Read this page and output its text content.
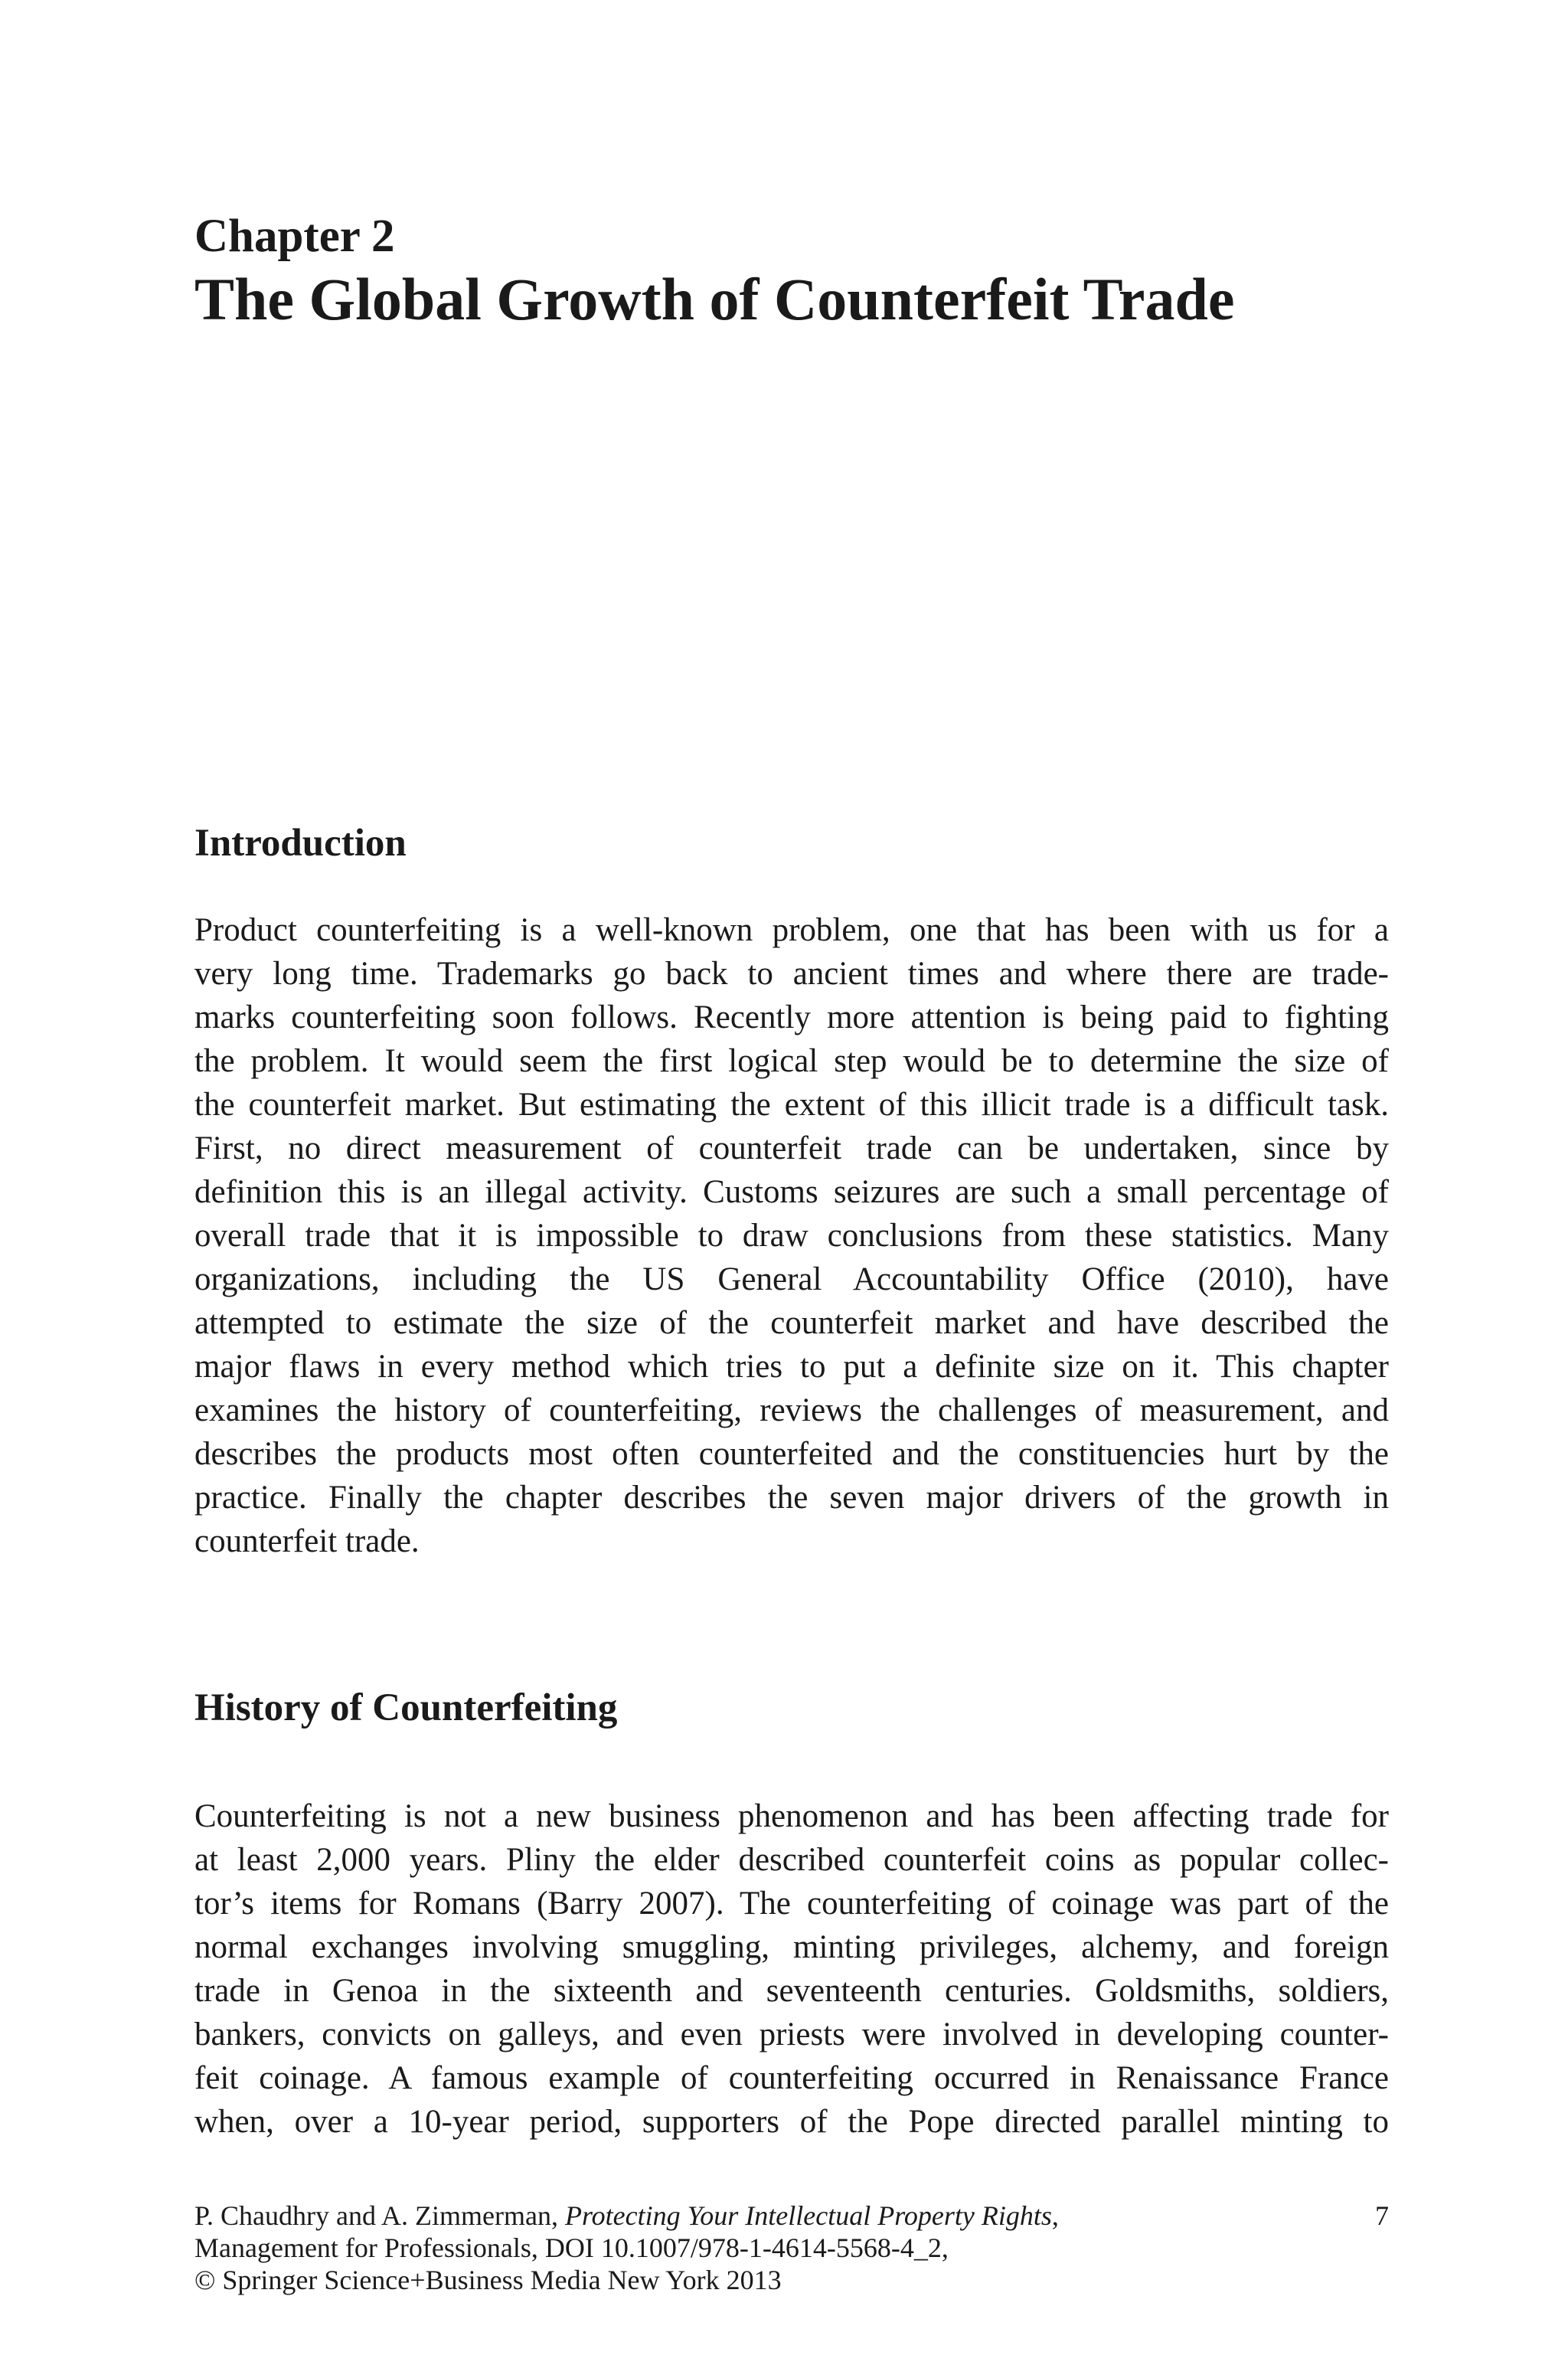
Chapter 2
The Global Growth of Counterfeit Trade
Introduction
Product counterfeiting is a well-known problem, one that has been with us for a
very long time. Trademarks go back to ancient times and where there are trade-
marks counterfeiting soon follows. Recently more attention is being paid to fighting
the problem. It would seem the first logical step would be to determine the size of
the counterfeit market. But estimating the extent of this illicit trade is a difficult task.
First, no direct measurement of counterfeit trade can be undertaken, since by
definition this is an illegal activity. Customs seizures are such a small percentage of
overall trade that it is impossible to draw conclusions from these statistics. Many
organizations, including the US General Accountability Office (2010), have
attempted to estimate the size of the counterfeit market and have described the
major flaws in every method which tries to put a definite size on it. This chapter
examines the history of counterfeiting, reviews the challenges of measurement, and
describes the products most often counterfeited and the constituencies hurt by the
practice. Finally the chapter describes the seven major drivers of the growth in
counterfeit trade.
History of Counterfeiting
Counterfeiting is not a new business phenomenon and has been affecting trade for
at least 2,000 years. Pliny the elder described counterfeit coins as popular collec-
tor’s items for Romans (Barry 2007). The counterfeiting of coinage was part of the
normal exchanges involving smuggling, minting privileges, alchemy, and foreign
trade in Genoa in the sixteenth and seventeenth centuries. Goldsmiths, soldiers,
bankers, convicts on galleys, and even priests were involved in developing counter-
feit coinage. A famous example of counterfeiting occurred in Renaissance France
when, over a 10-year period, supporters of the Pope directed parallel minting to
P. Chaudhry and A. Zimmerman, Protecting Your Intellectual Property Rights,
Management for Professionals, DOI 10.1007/978-1-4614-5568-4_2,
© Springer Science+Business Media New York 2013
7
